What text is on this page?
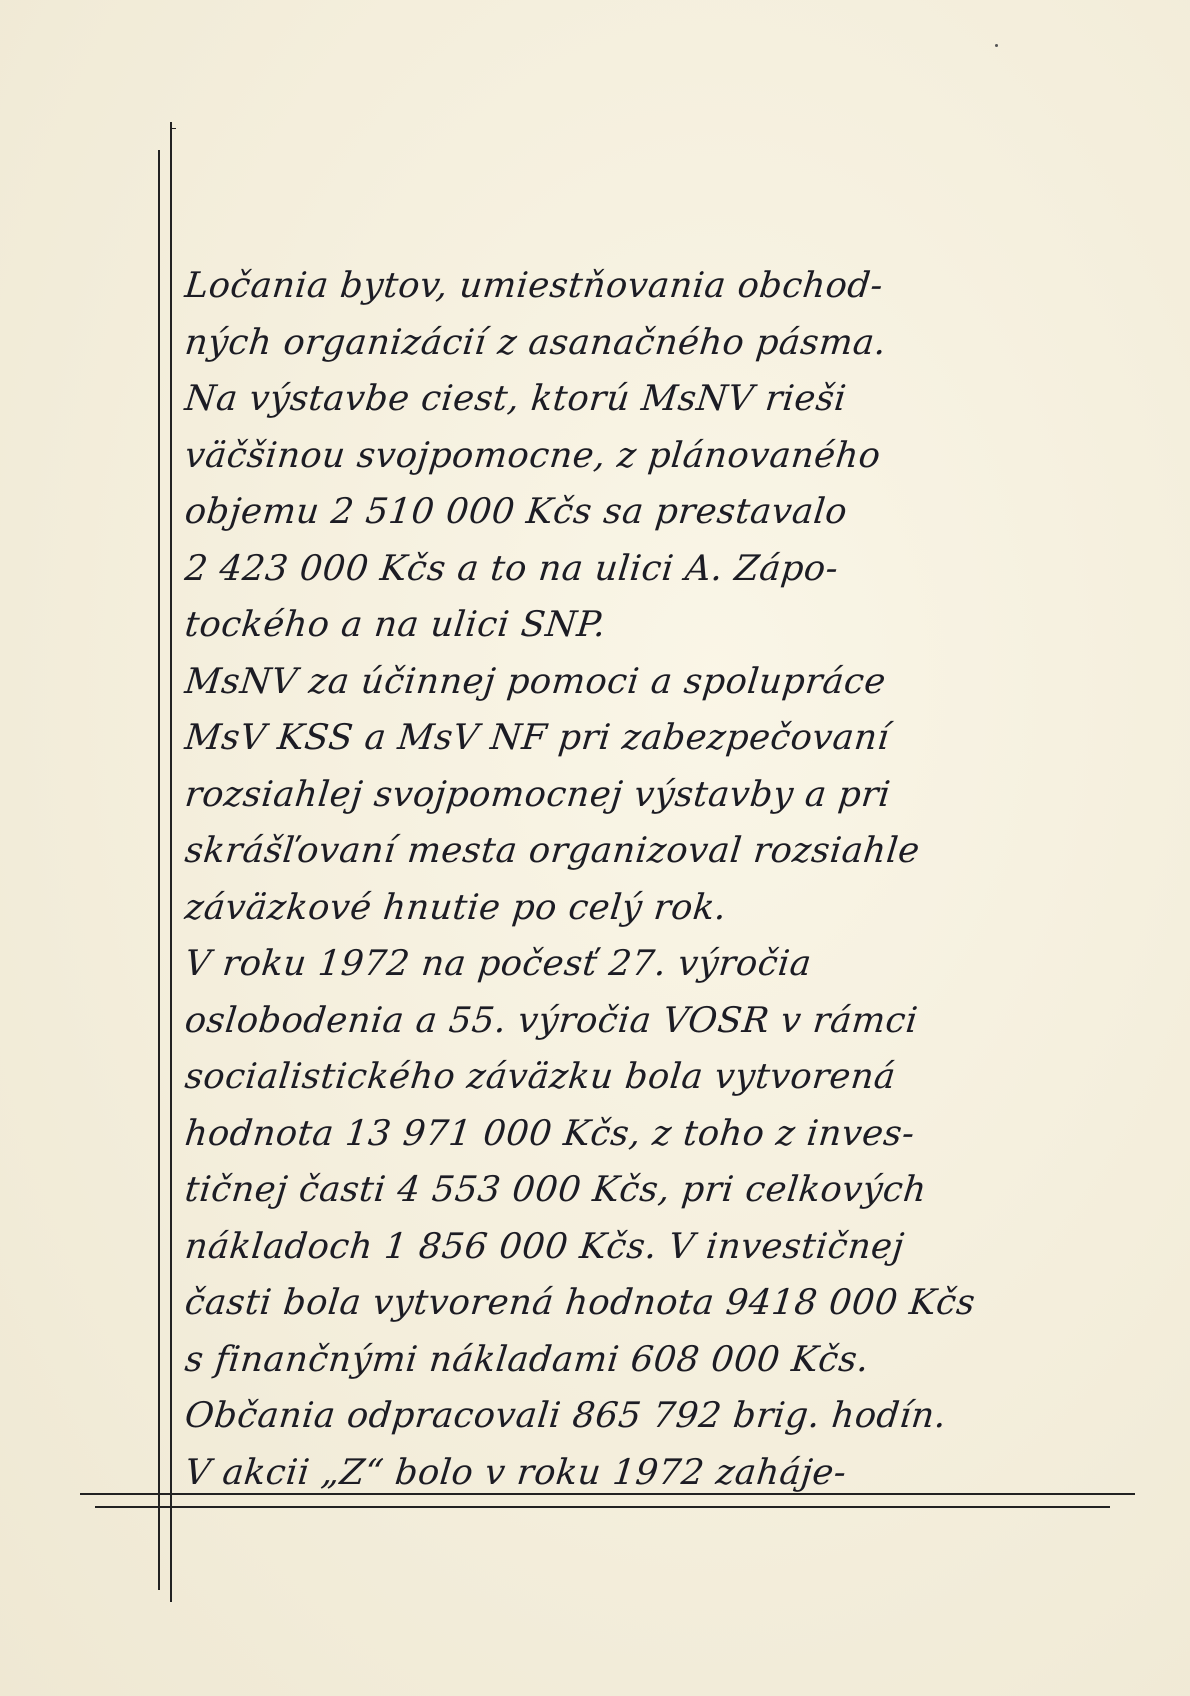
Ločania bytov, umiestňovania obchod-
ných organizácií z asanačného pásma.
Na výstavbe ciest, ktorú MsNV rieši
väčšinou svojpomocne, z plánovaného
objemu 2 510 000 Kčs sa prestavalo
2 423 000 Kčs a to na ulici A. Zápo-
tockého a na ulici SNP.
MsNV za účinnej pomoci a spolupráce
MsV KSS a MsV NF pri zabezpečovaní
rozsiahlej svojpomocnej výstavby a pri
skrášľovaní mesta organizoval rozsiahle
záväzkové hnutie po celý rok.
V roku 1972 na počesť 27. výročia
oslobodenia a 55. výročia VOSR v rámci
socialistického záväzku bola vytvorená
hodnota 13 971 000 Kčs, z toho z inves-
tičnej časti 4 553 000 Kčs, pri celkových
nákladoch 1 856 000 Kčs. V investičnej
časti bola vytvorená hodnota 9418 000 Kčs
s finančnými nákladami 608 000 Kčs.
Občania odpracovali 865 792 brig. hodín.
V akcii „Z“ bolo v roku 1972 zaháje-
